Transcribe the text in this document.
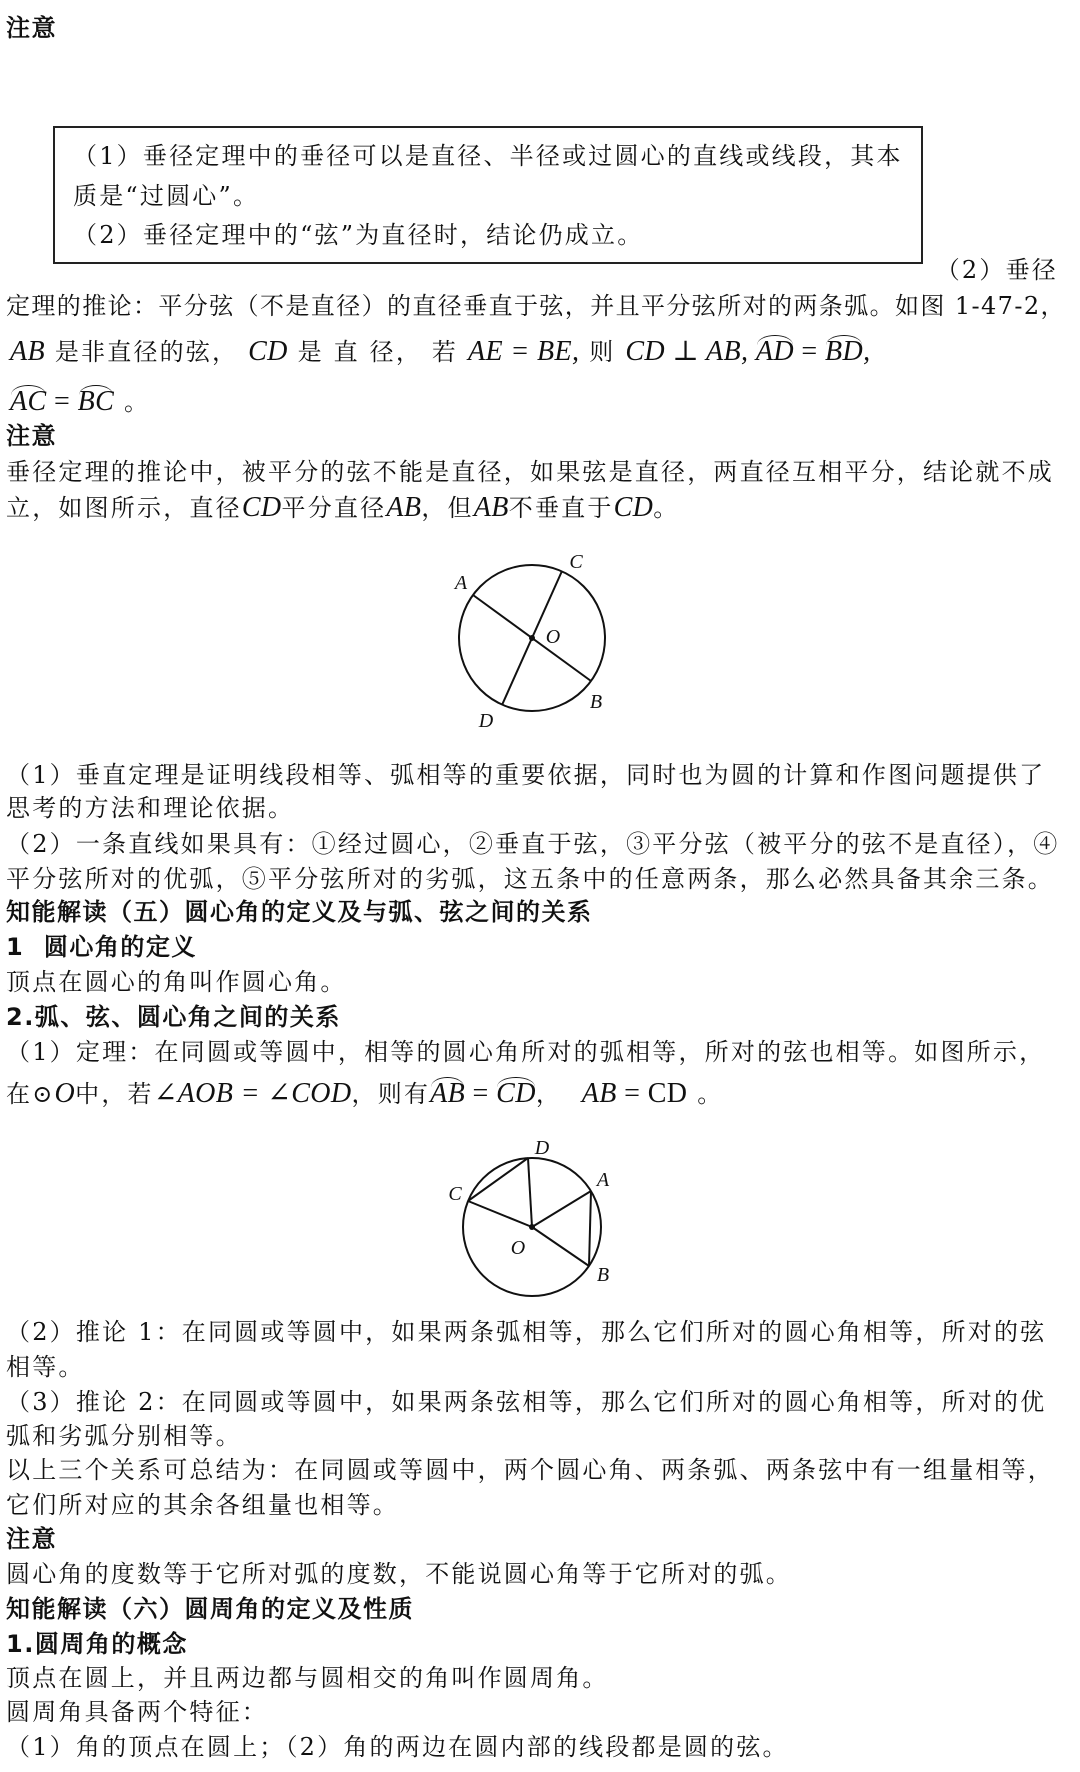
注意
（1）垂径定理中的垂径可以是直径、半径或过圆心的直线或线段，其本
质是“过圆心”。
（2）垂径定理中的“弦”为直径时，结论仍成立。
（2）垂径
定理的推论：平分弦（不是直径）的直径垂直于弦，并且平分弦所对的两条弧。如图 1-47-2，
AB 是非直径的弦， CD 是 直 径， 若 AE = BE, 则 CD ⊥ AB, AD = BD,
AC = BC 。
注意
垂径定理的推论中，被平分的弦不能是直径，如果弦是直径，两直径互相平分，结论就不成
立，如图所示，直径CD平分直径AB，但AB不垂直于CD。
A
C
O
B
D
（1）垂直定理是证明线段相等、弧相等的重要依据，同时也为圆的计算和作图问题提供了
思考的方法和理论依据。
（2）一条直线如果具有：①经过圆心，②垂直于弦，③平分弦（被平分的弦不是直径），④
平分弦所对的优弧，⑤平分弦所对的劣弧，这五条中的任意两条，那么必然具备其余三条。
知能解读（五）圆心角的定义及与弧、弦之间的关系
1  圆心角的定义
顶点在圆心的角叫作圆心角。
2.弧、弦、圆心角之间的关系
（1）定理：在同圆或等圆中，相等的圆心角所对的弧相等，所对的弦也相等。如图所示，
在⊙O中，若∠AOB = ∠COD，则有AB = CD，  AB = CD 。
D
A
C
O
B
（2）推论 1：在同圆或等圆中，如果两条弧相等，那么它们所对的圆心角相等，所对的弦
相等。
（3）推论 2：在同圆或等圆中，如果两条弦相等，那么它们所对的圆心角相等，所对的优
弧和劣弧分别相等。
以上三个关系可总结为：在同圆或等圆中，两个圆心角、两条弧、两条弦中有一组量相等，
它们所对应的其余各组量也相等。
注意
圆心角的度数等于它所对弧的度数，不能说圆心角等于它所对的弧。
知能解读（六）圆周角的定义及性质
1.圆周角的概念
顶点在圆上，并且两边都与圆相交的角叫作圆周角。
圆周角具备两个特征：
（1）角的顶点在圆上；（2）角的两边在圆内部的线段都是圆的弦。
